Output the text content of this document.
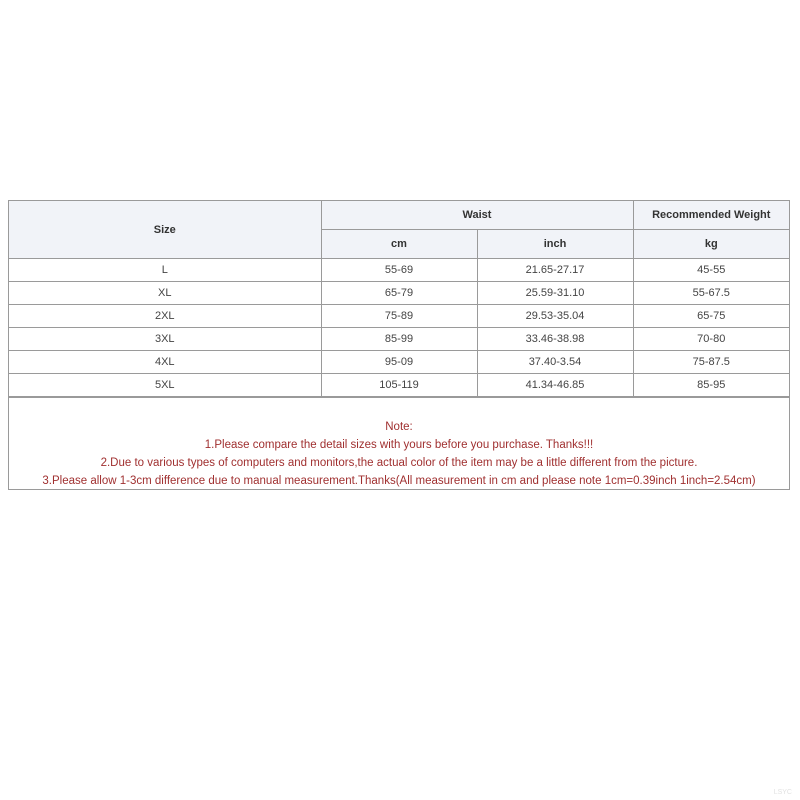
Size	Waist		Recommended Weight
	cm	inch	kg
L	55-69	21.65-27.17	45-55
XL	65-79	25.59-31.10	55-67.5
2XL	75-89	29.53-35.04	65-75
3XL	85-99	33.46-38.98	70-80
4XL	95-09	37.40-3.54	75-87.5
5XL	105-119	41.34-46.85	85-95
Note:
1.Please compare the detail sizes with yours before you purchase. Thanks!!!
2.Due to various types of computers and monitors,the actual color of the item may be a little different from the picture.
3.Please allow 1-3cm difference due to manual measurement.Thanks(All measurement in cm and please note 1cm=0.39inch 1inch=2.54cm)
LSYC
